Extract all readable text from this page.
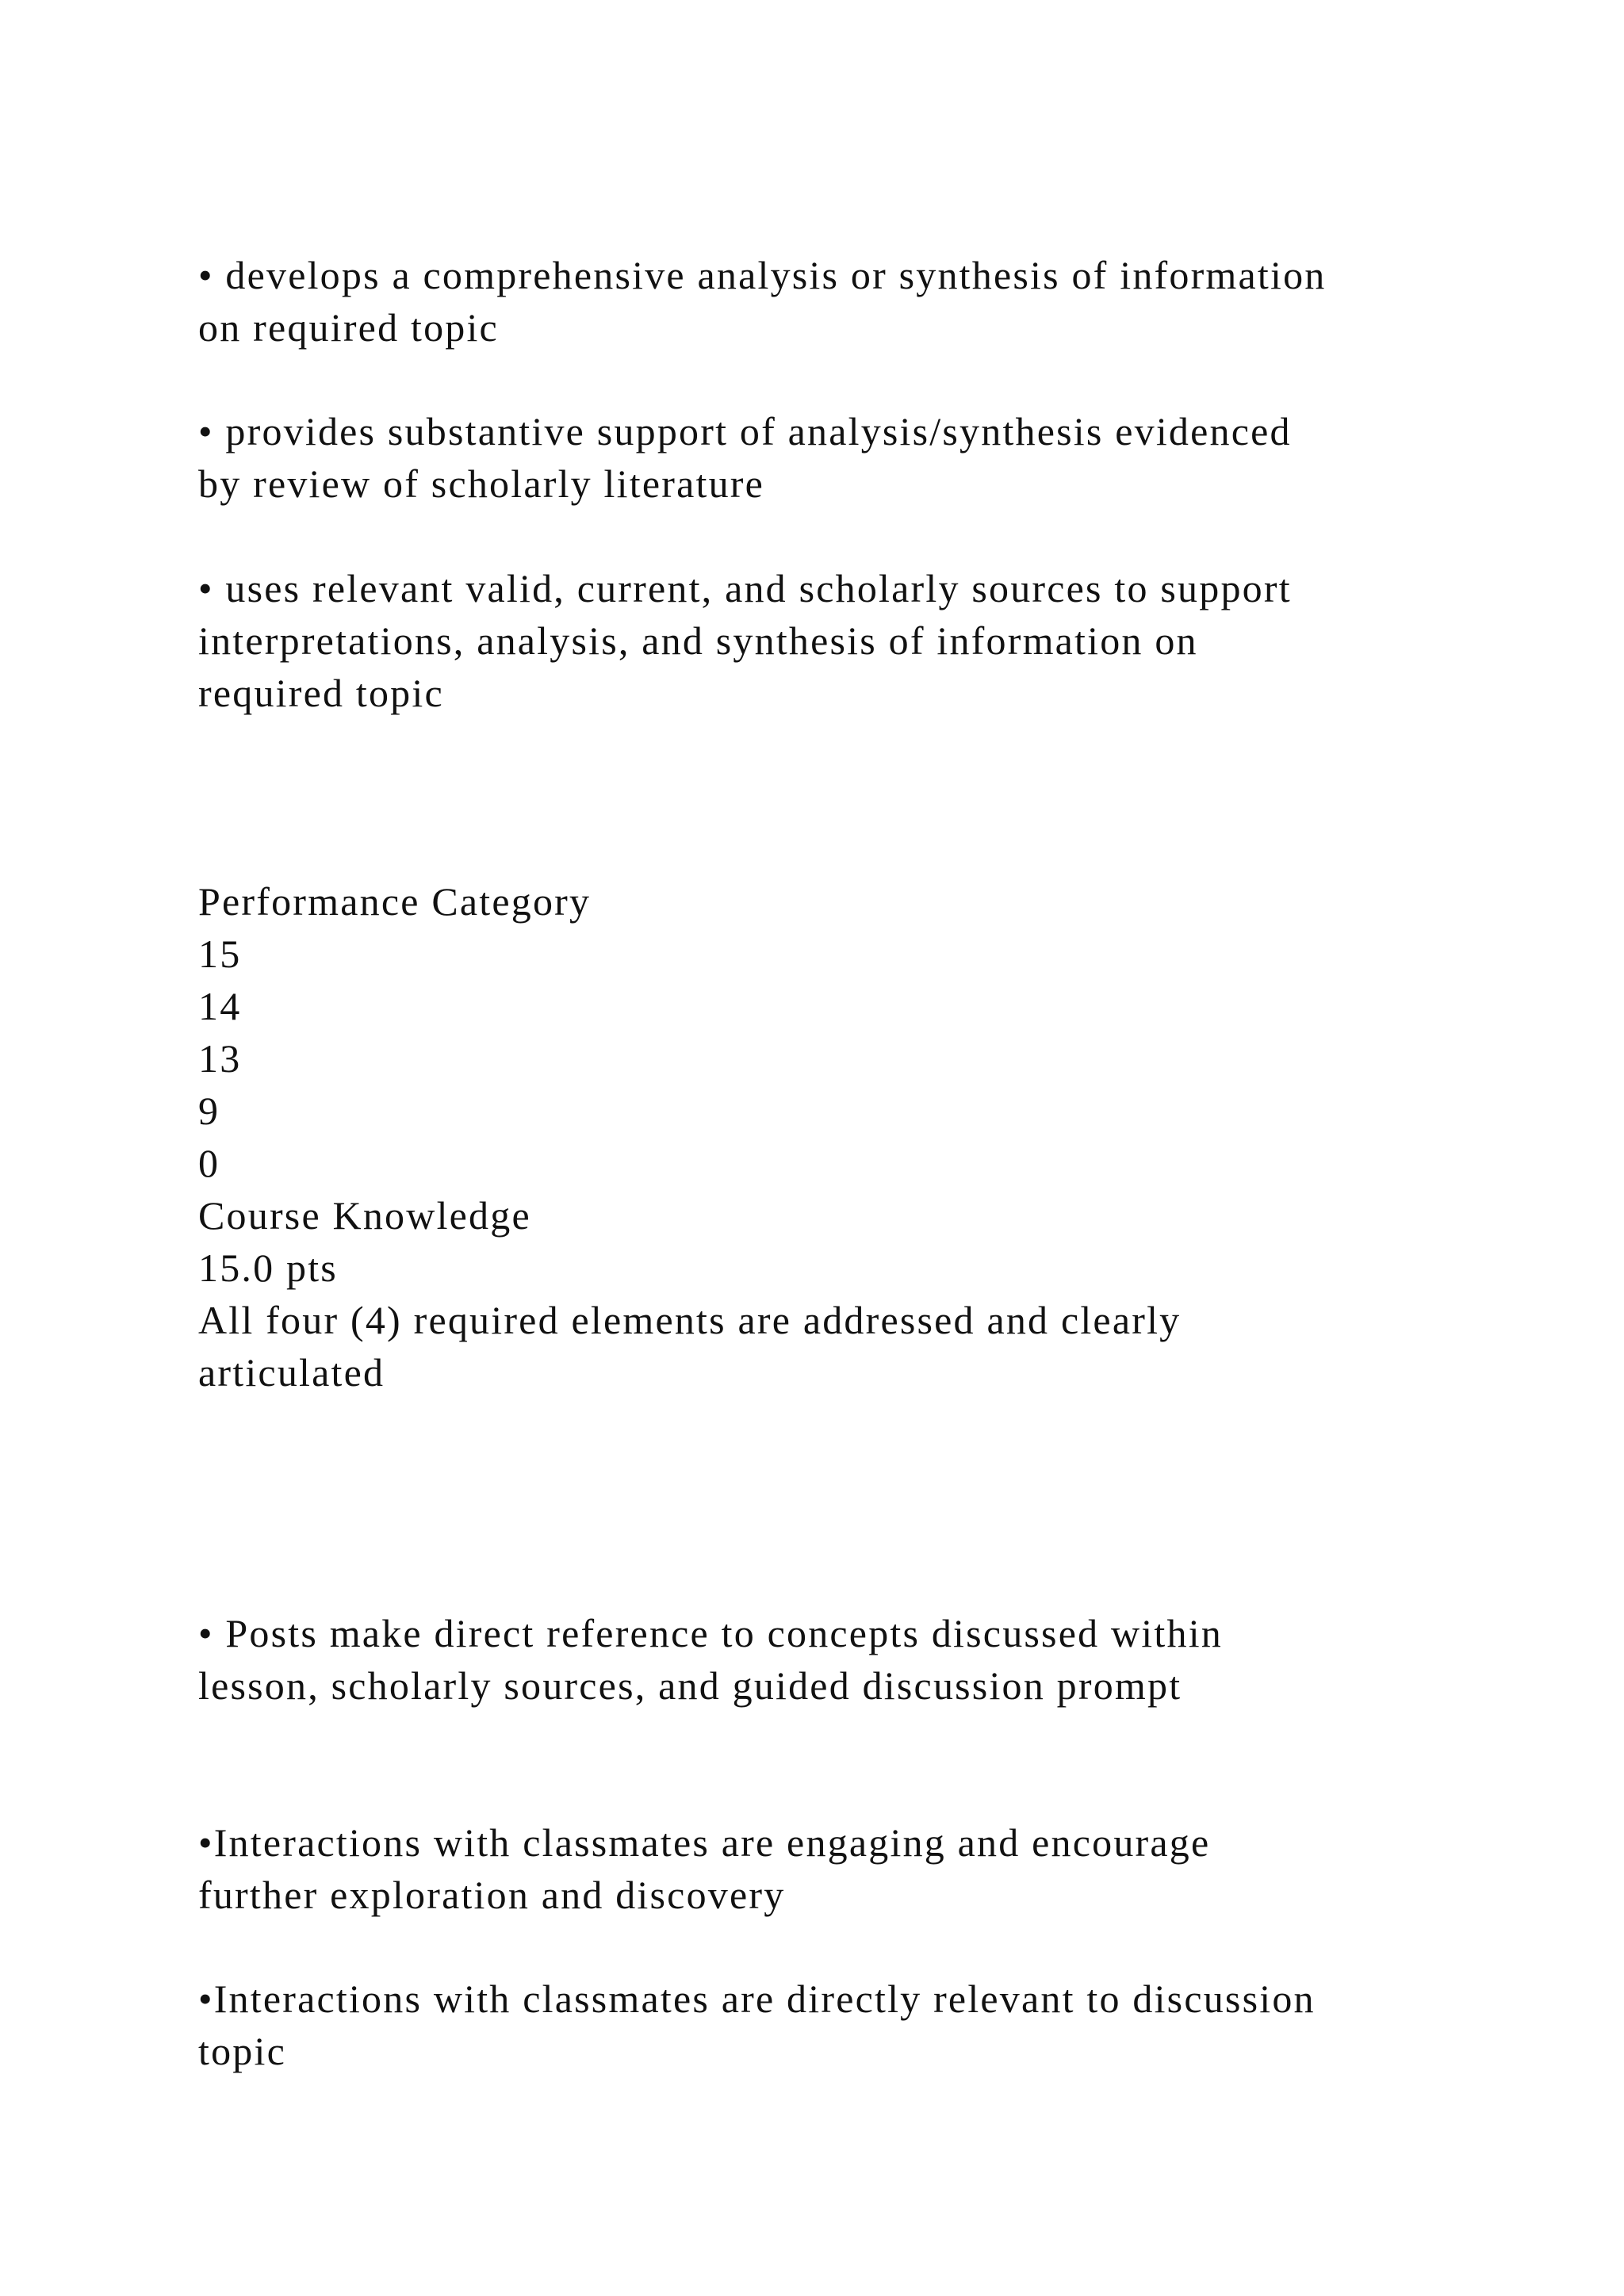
• develops a comprehensive analysis or synthesis of information
on required topic
• provides substantive support of analysis/synthesis evidenced
by review of scholarly literature
• uses relevant valid, current, and scholarly sources to support
interpretations, analysis, and synthesis of information on
required topic
Performance Category
15
14
13
9
0
Course Knowledge
15.0 pts
All four (4) required elements are addressed and clearly
articulated
• Posts make direct reference to concepts discussed within
lesson, scholarly sources, and guided discussion prompt
•Interactions with classmates are engaging and encourage
further exploration and discovery
•Interactions with classmates are directly relevant to discussion
topic
